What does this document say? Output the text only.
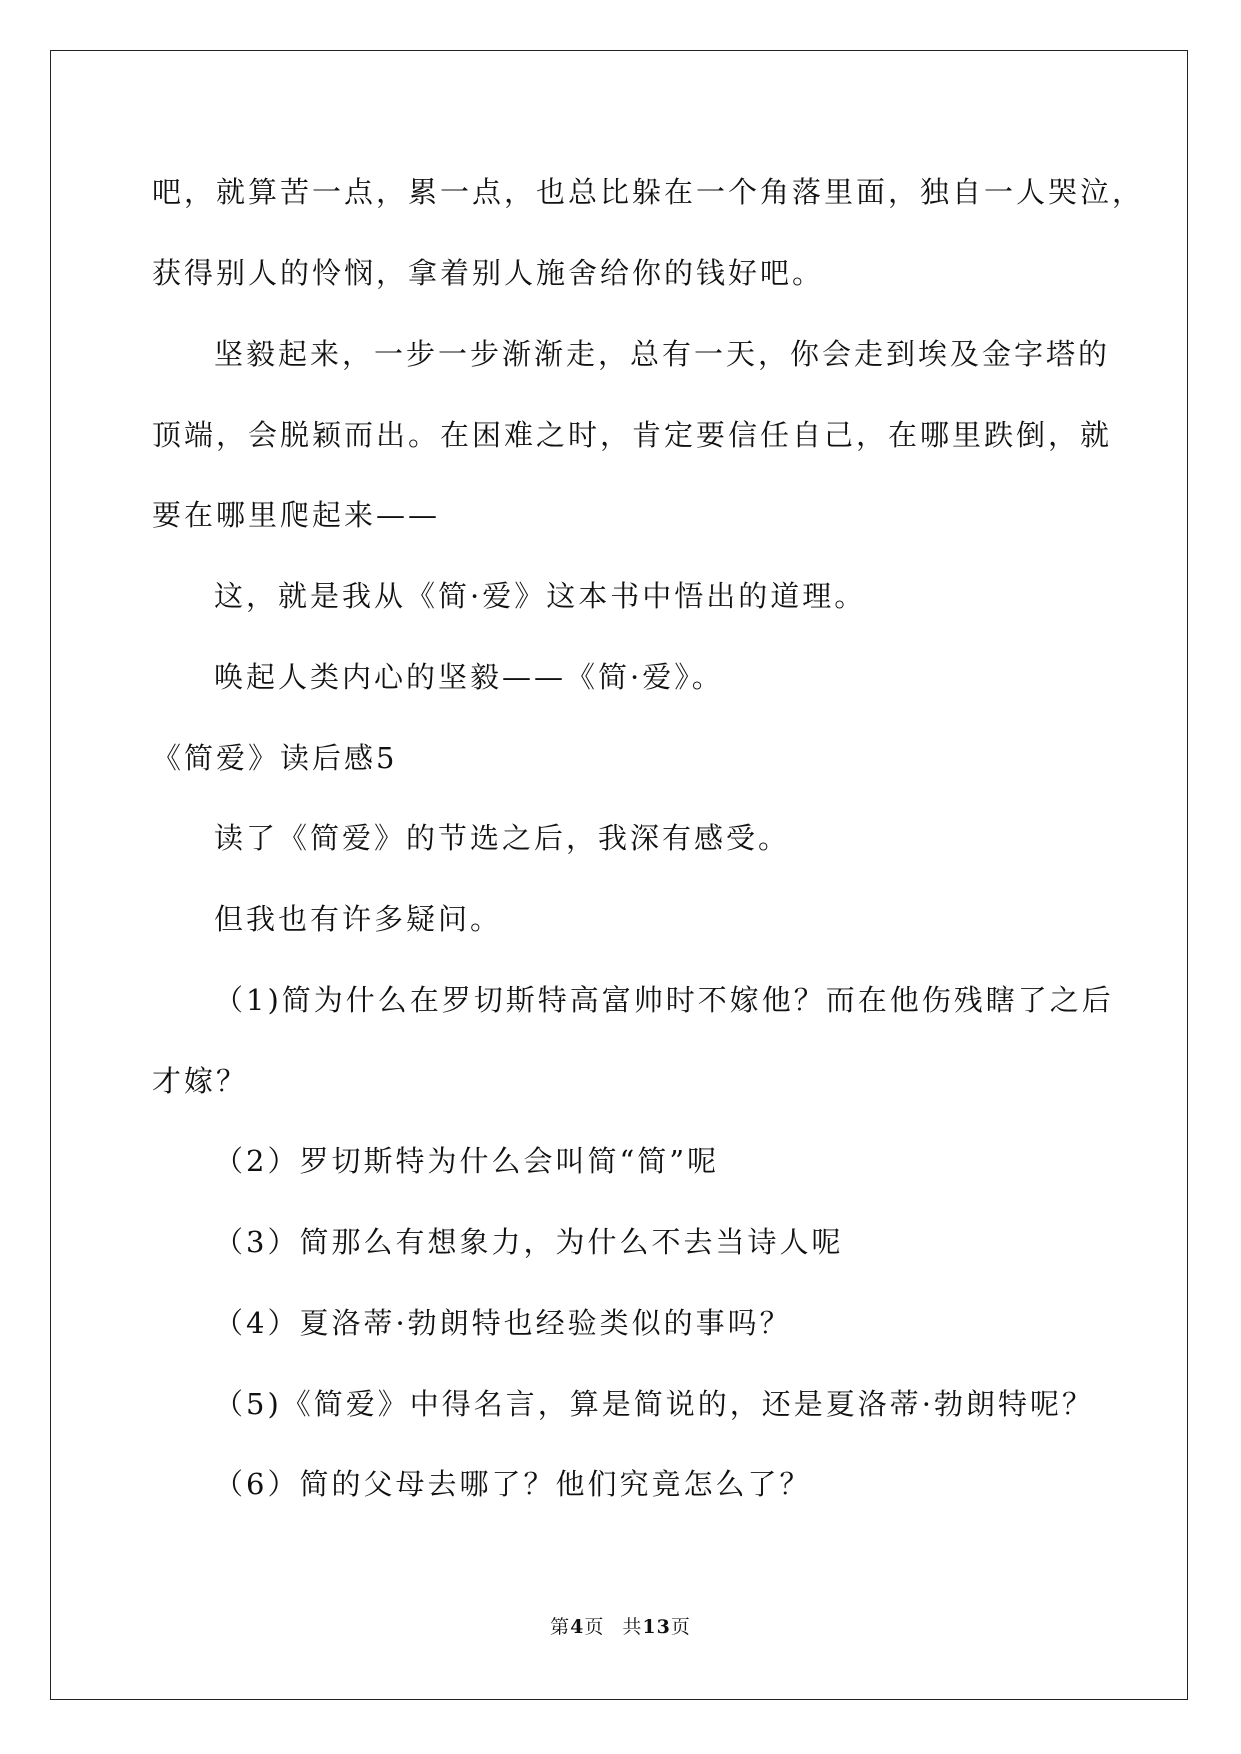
吧，就算苦一点，累一点，也总比躲在一个角落里面，独自一人哭泣，
获得别人的怜悯，拿着别人施舍给你的钱好吧。
坚毅起来，一步一步渐渐走，总有一天，你会走到埃及金字塔的
顶端，会脱颖而出。在困难之时，肯定要信任自己，在哪里跌倒，就
要在哪里爬起来——
这，就是我从《简·爱》这本书中悟出的道理。
唤起人类内心的坚毅——《简·爱》。
《简爱》读后感5
读了《简爱》的节选之后，我深有感受。
但我也有许多疑问。
（1)简为什么在罗切斯特高富帅时不嫁他？而在他伤残瞎了之后
才嫁？
（2）罗切斯特为什么会叫简“简”呢
（3）简那么有想象力，为什么不去当诗人呢
（4）夏洛蒂·勃朗特也经验类似的事吗？
（5)《简爱》中得名言，算是简说的，还是夏洛蒂·勃朗特呢？
（6）简的父母去哪了？他们究竟怎么了？
第4页 共13页
